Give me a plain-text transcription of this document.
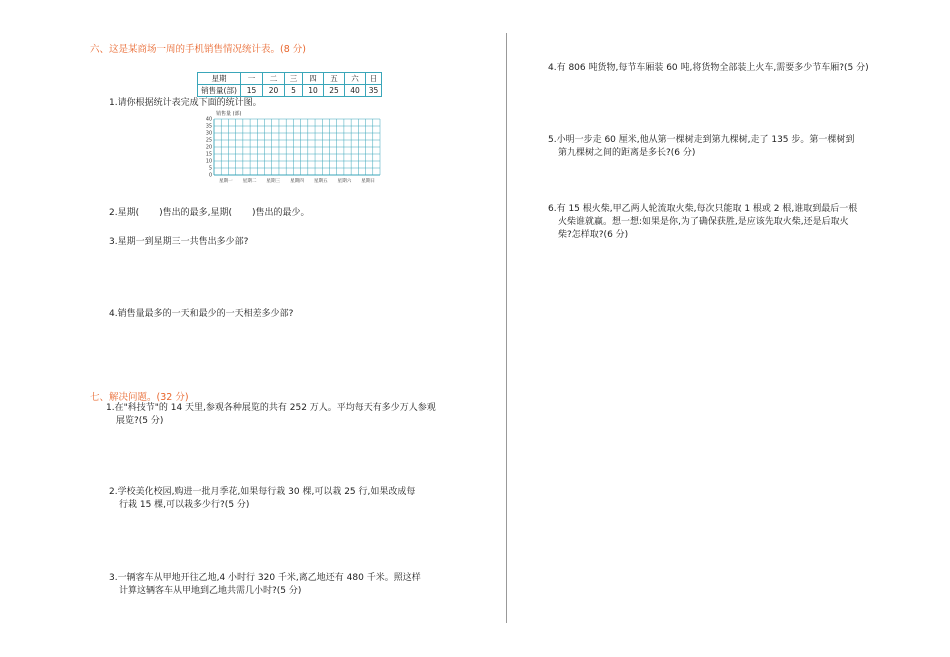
六、这是某商场一周的手机销售情况统计表。(8 分)
星期	一	二	三	四	五	六	日
销售量(部)	15	20	5	10	25	40	35
1.请你根据统计表完成下面的统计图。
销售量 (部)
0
5
10
15
20
25
30
35
40
星期一 星期二 星期三 星期四 星期五 星期六 星期日
2.星期( )售出的最多,星期( )售出的最少。
3.星期一到星期三一共售出多少部?
4.销售量最多的一天和最少的一天相差多少部?
七、解决问题。(32 分)
1.在"科技节"的 14 天里,参观各种展览的共有 252 万人。平均每天有多少万人参观
展览?(5 分)
2.学校美化校园,购进一批月季花,如果每行栽 30 棵,可以栽 25 行,如果改成每
行栽 15 棵,可以栽多少行?(5 分)
3.一辆客车从甲地开往乙地,4 小时行 320 千米,离乙地还有 480 千米。照这样
计算这辆客车从甲地到乙地共需几小时?(5 分)
4.有 806 吨货物,每节车厢装 60 吨,将货物全部装上火车,需要多少节车厢?(5 分)
5.小明一步走 60 厘米,他从第一棵树走到第九棵树,走了 135 步。第一棵树到
第九棵树之间的距离是多长?(6 分)
6.有 15 根火柴,甲乙两人轮流取火柴,每次只能取 1 根或 2 根,谁取到最后一根
火柴谁就赢。想一想:如果是你,为了确保获胜,是应该先取火柴,还是后取火
柴?怎样取?(6 分)
